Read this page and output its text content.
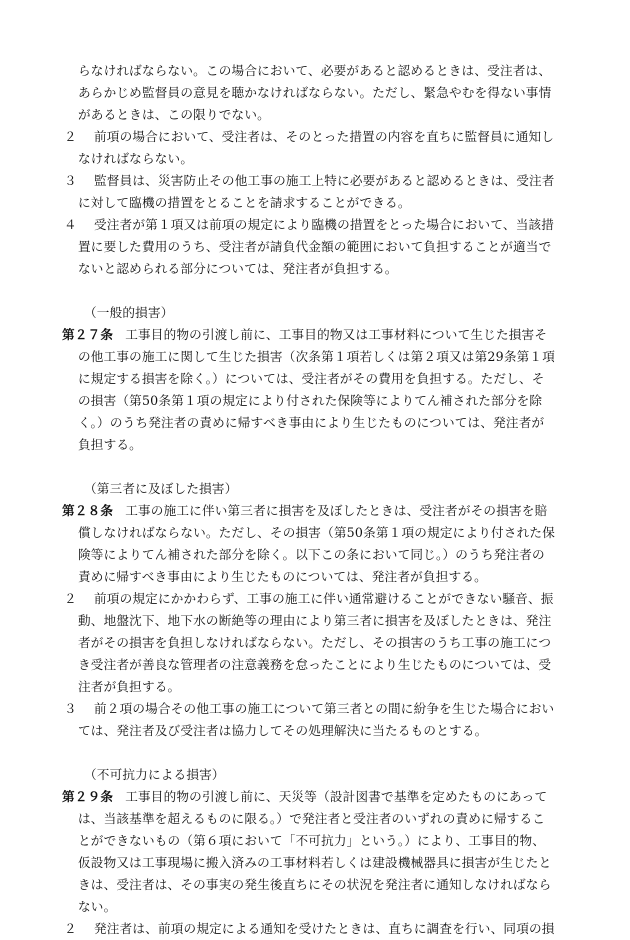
らなければならない。この場合において、必要があると認めるときは、受注者は、
あらかじめ監督員の意見を聴かなければならない。ただし、緊急やむを得ない事情
があるときは、この限りでない。
２ 前項の場合において、受注者は、そのとった措置の内容を直ちに監督員に通知し
なければならない。
３ 監督員は、災害防止その他工事の施工上特に必要があると認めるときは、受注者
に対して臨機の措置をとることを請求することができる。
４ 受注者が第１項又は前項の規定により臨機の措置をとった場合において、当該措
置に要した費用のうち、受注者が請負代金額の範囲において負担することが適当で
ないと認められる部分については、発注者が負担する。
（一般的損害）
第２７条 工事目的物の引渡し前に、工事目的物又は工事材料について生じた損害そ
の他工事の施工に関して生じた損害（次条第１項若しくは第２項又は第29条第１項
に規定する損害を除く。）については、受注者がその費用を負担する。ただし、そ
の損害（第50条第１項の規定により付された保険等によりてん補された部分を除
く。）のうち発注者の責めに帰すべき事由により生じたものについては、発注者が
負担する。
（第三者に及ぼした損害）
第２８条 工事の施工に伴い第三者に損害を及ぼしたときは、受注者がその損害を賠
償しなければならない。ただし、その損害（第50条第１項の規定により付された保
険等によりてん補された部分を除く。以下この条において同じ。）のうち発注者の
責めに帰すべき事由により生じたものについては、発注者が負担する。
２ 前項の規定にかかわらず、工事の施工に伴い通常避けることができない騒音、振
動、地盤沈下、地下水の断絶等の理由により第三者に損害を及ぼしたときは、発注
者がその損害を負担しなければならない。ただし、その損害のうち工事の施工につ
き受注者が善良な管理者の注意義務を怠ったことにより生じたものについては、受
注者が負担する。
３ 前２項の場合その他工事の施工について第三者との間に紛争を生じた場合におい
ては、発注者及び受注者は協力してその処理解決に当たるものとする。
（不可抗力による損害）
第２９条 工事目的物の引渡し前に、天災等（設計図書で基準を定めたものにあって
は、当該基準を超えるものに限る。）で発注者と受注者のいずれの責めに帰するこ
とができないもの（第６項において「不可抗力」という。）により、工事目的物、
仮設物又は工事現場に搬入済みの工事材料若しくは建設機械器具に損害が生じたと
きは、受注者は、その事実の発生後直ちにその状況を発注者に通知しなければなら
ない。
２ 発注者は、前項の規定による通知を受けたときは、直ちに調査を行い、同項の損
